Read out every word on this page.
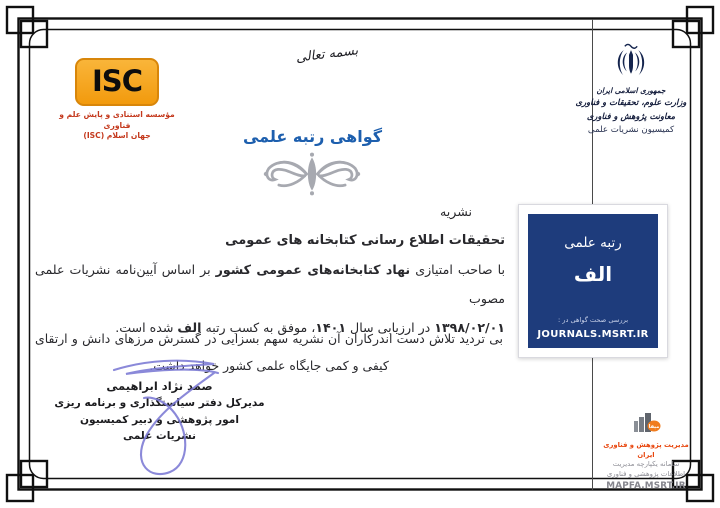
ISC
مؤسسه استنادی و پایش علم و فناوری
جهان اسلام (ISC)
بسمه تعالی
جمهوری اسلامی ایران
وزارت علوم، تحقیقات و فناوری
معاونت پژوهش و فناوری
کمیسیون نشریات علمی
گواهی رتبه علمی
نشریه
تحقیقات اطلاع رسانی کتابخانه های عمومی
با صاحب امتیازی نهاد کتابخانه‌های عمومی کشور بر اساس آیین‌نامه نشریات علمی مصوب
۱۳۹۸/۰۲/۰۱ در ارزیابی سال ۱۴۰۱، موفق به کسب رتبه الف شده است.
بی تردید تلاش دست اندرکاران آن نشریه سهم بسزایی در گسترش مرزهای دانش و ارتقای کیفی و کمی جایگاه علمی کشور خواهد داشت.
رتبه علمی
الف
بررسی صحت گواهی در :
JOURNALS.MSRT.IR
صمد نژاد ابراهیمی
مدیرکل دفتر سیاستگذاری و برنامه ریزی
امور پژوهشی و دبیر کمیسیون
نشریات علمی
مپفا
مدیریت پژوهش و فناوری ایران
سامانه یکپارچه مدیریت
اطلاعات پژوهشی و فناوری
MAPFA.MSRT.IR
